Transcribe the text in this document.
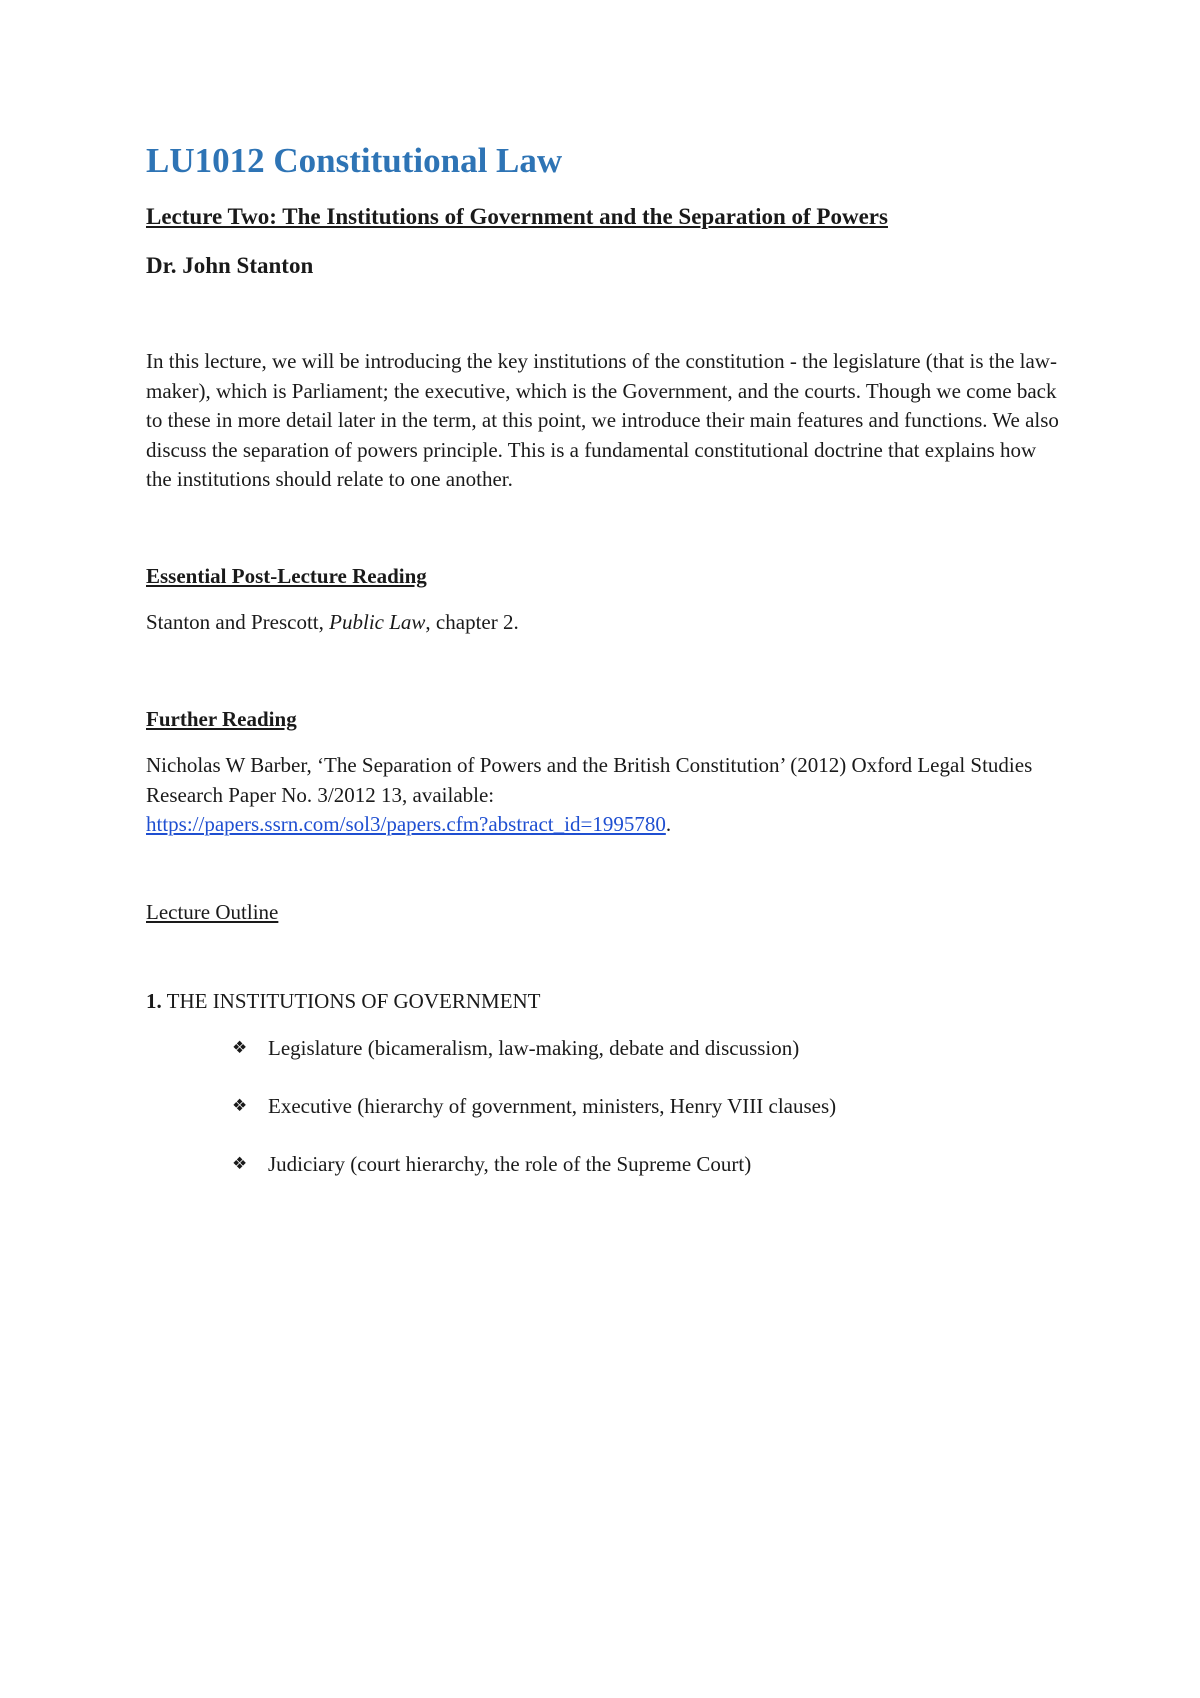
LU1012 Constitutional Law
Lecture Two: The Institutions of Government and the Separation of Powers
Dr. John Stanton
In this lecture, we will be introducing the key institutions of the constitution - the legislature (that is the law-maker), which is Parliament; the executive, which is the Government, and the courts. Though we come back to these in more detail later in the term, at this point, we introduce their main features and functions. We also discuss the separation of powers principle. This is a fundamental constitutional doctrine that explains how the institutions should relate to one another.
Essential Post-Lecture Reading
Stanton and Prescott, Public Law, chapter 2.
Further Reading
Nicholas W Barber, ‘The Separation of Powers and the British Constitution’ (2012) Oxford Legal Studies Research Paper No. 3/2012 13, available:
https://papers.ssrn.com/sol3/papers.cfm?abstract_id=1995780.
Lecture Outline
1. THE INSTITUTIONS OF GOVERNMENT
❖ Legislature (bicameralism, law-making, debate and discussion)
❖ Executive (hierarchy of government, ministers, Henry VIII clauses)
❖ Judiciary (court hierarchy, the role of the Supreme Court)
